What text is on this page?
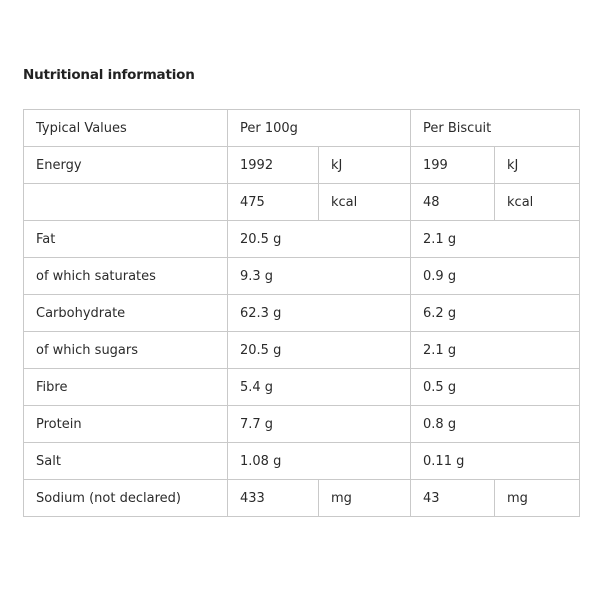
Nutritional information
Typical Values	Per 100g		Per Biscuit	
Energy	1992	kJ	199	kJ
	475	kcal	48	kcal
Fat	20.5 g		2.1 g	
of which saturates	9.3 g		0.9 g	
Carbohydrate	62.3 g		6.2 g	
of which sugars	20.5 g		2.1 g	
Fibre	5.4 g		0.5 g	
Protein	7.7 g		0.8 g	
Salt	1.08 g		0.11 g	
Sodium (not declared)	433	mg	43	mg
